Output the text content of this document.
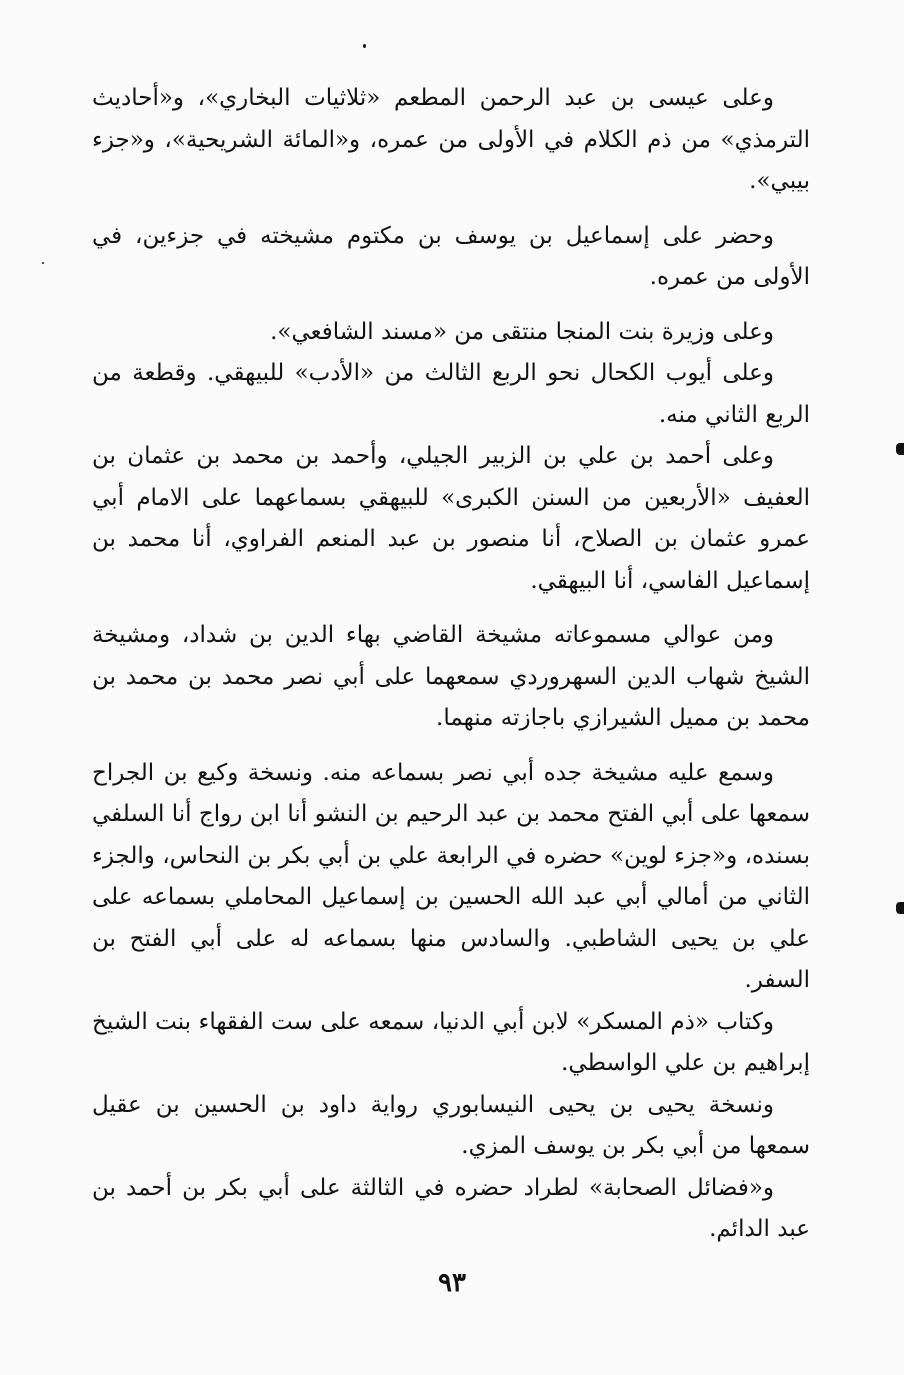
وعلى عيسى بن عبد الرحمن المطعم «ثلاثيات البخاري»، و«أحاديث الترمذي» من ذم الكلام في الأولى من عمره، و«المائة الشريحية»، و«جزء بيبي».

وحضر على إسماعيل بن يوسف بن مكتوم مشيخته في جزءين، في الأولى من عمره.

وعلى وزيرة بنت المنجا منتقى من «مسند الشافعي».

وعلى أيوب الكحال نحو الربع الثالث من «الأدب» للبيهقي. وقطعة من الربع الثاني منه.

وعلى أحمد بن علي بن الزبير الجيلي، وأحمد بن محمد بن عثمان بن العفيف «الأربعين من السنن الكبرى» للبيهقي بسماعهما على الامام أبي عمرو عثمان بن الصلاح، أنا منصور بن عبد المنعم الفراوي، أنا محمد بن إسماعيل الفاسي، أنا البيهقي.

ومن عوالي مسموعاته مشيخة القاضي بهاء الدين بن شداد، ومشيخة الشيخ شهاب الدين السهروردي سمعهما على أبي نصر محمد بن محمد بن محمد بن مميل الشيرازي باجازته منهما.

وسمع عليه مشيخة جده أبي نصر بسماعه منه. ونسخة وكيع بن الجراح سمعها على أبي الفتح محمد بن عبد الرحيم بن النشو أنا ابن رواج أنا السلفي بسنده، و«جزء لوين» حضره في الرابعة علي بن أبي بكر بن النحاس، والجزء الثاني من أمالي أبي عبد الله الحسين بن إسماعيل المحاملي بسماعه على علي بن يحيى الشاطبي. والسادس منها بسماعه له على أبي الفتح بن السفر.

وكتاب «ذم المسكر» لابن أبي الدنيا، سمعه على ست الفقهاء بنت الشيخ إبراهيم بن علي الواسطي.

ونسخة يحيى بن يحيى النيسابوري رواية داود بن الحسين بن عقيل سمعها من أبي بكر بن يوسف المزي.

و«فضائل الصحابة» لطراد حضره في الثالثة على أبي بكر بن أحمد بن عبد الدائم.

٩٣
